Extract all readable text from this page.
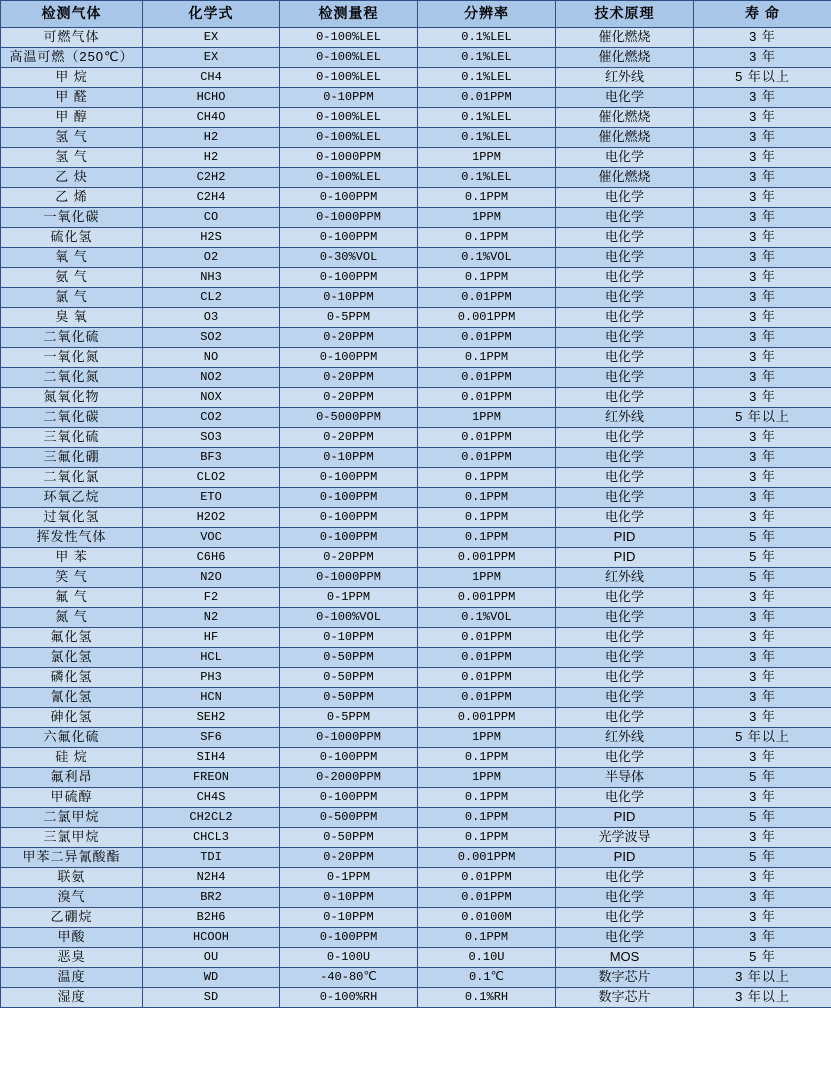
检测气体	化学式	检测量程	分辨率	技术原理	寿 命
可燃气体	EX	0-100%LEL	0.1%LEL	催化燃烧	3 年
高温可燃（250℃）	EX	0-100%LEL	0.1%LEL	催化燃烧	3 年
甲 烷	CH4	0-100%LEL	0.1%LEL	红外线	5 年以上
甲 醛	HCHO	0-10PPM	0.01PPM	电化学	3 年
甲 醇	CH4O	0-100%LEL	0.1%LEL	催化燃烧	3 年
氢 气	H2	0-100%LEL	0.1%LEL	催化燃烧	3 年
氢 气	H2	0-1000PPM	1PPM	电化学	3 年
乙 炔	C2H2	0-100%LEL	0.1%LEL	催化燃烧	3 年
乙 烯	C2H4	0-100PPM	0.1PPM	电化学	3 年
一氧化碳	CO	0-1000PPM	1PPM	电化学	3 年
硫化氢	H2S	0-100PPM	0.1PPM	电化学	3 年
氧 气	O2	0-30%VOL	0.1%VOL	电化学	3 年
氨 气	NH3	0-100PPM	0.1PPM	电化学	3 年
氯 气	CL2	0-10PPM	0.01PPM	电化学	3 年
臭 氧	O3	0-5PPM	0.001PPM	电化学	3 年
二氧化硫	SO2	0-20PPM	0.01PPM	电化学	3 年
一氧化氮	NO	0-100PPM	0.1PPM	电化学	3 年
二氧化氮	NO2	0-20PPM	0.01PPM	电化学	3 年
氮氧化物	NOX	0-20PPM	0.01PPM	电化学	3 年
二氧化碳	CO2	0-5000PPM	1PPM	红外线	5 年以上
三氧化硫	SO3	0-20PPM	0.01PPM	电化学	3 年
三氟化硼	BF3	0-10PPM	0.01PPM	电化学	3 年
二氧化氯	CLO2	0-100PPM	0.1PPM	电化学	3 年
环氧乙烷	ETO	0-100PPM	0.1PPM	电化学	3 年
过氧化氢	H2O2	0-100PPM	0.1PPM	电化学	3 年
挥发性气体	VOC	0-100PPM	0.1PPM	PID	5 年
甲 苯	C6H6	0-20PPM	0.001PPM	PID	5 年
笑 气	N2O	0-1000PPM	1PPM	红外线	5 年
氟 气	F2	0-1PPM	0.001PPM	电化学	3 年
氮 气	N2	0-100%VOL	0.1%VOL	电化学	3 年
氟化氢	HF	0-10PPM	0.01PPM	电化学	3 年
氯化氢	HCL	0-50PPM	0.01PPM	电化学	3 年
磷化氢	PH3	0-50PPM	0.01PPM	电化学	3 年
氰化氢	HCN	0-50PPM	0.01PPM	电化学	3 年
砷化氢	SEH2	0-5PPM	0.001PPM	电化学	3 年
六氟化硫	SF6	0-1000PPM	1PPM	红外线	5 年以上
硅 烷	SIH4	0-100PPM	0.1PPM	电化学	3 年
氟利昂	FREON	0-2000PPM	1PPM	半导体	5 年
甲硫醇	CH4S	0-100PPM	0.1PPM	电化学	3 年
二氯甲烷	CH2CL2	0-500PPM	0.1PPM	PID	5 年
三氯甲烷	CHCL3	0-50PPM	0.1PPM	光学波导	3 年
甲苯二异氰酸酯	TDI	0-20PPM	0.001PPM	PID	5 年
联氨	N2H4	0-1PPM	0.01PPM	电化学	3 年
溴气	BR2	0-10PPM	0.01PPM	电化学	3 年
乙硼烷	B2H6	0-10PPM	0.0100M	电化学	3 年
甲酸	HCOOH	0-100PPM	0.1PPM	电化学	3 年
恶臭	OU	0-100U	0.10U	MOS	5 年
温度	WD	-40-80℃	0.1℃	数字芯片	3 年以上
湿度	SD	0-100%RH	0.1%RH	数字芯片	3 年以上
